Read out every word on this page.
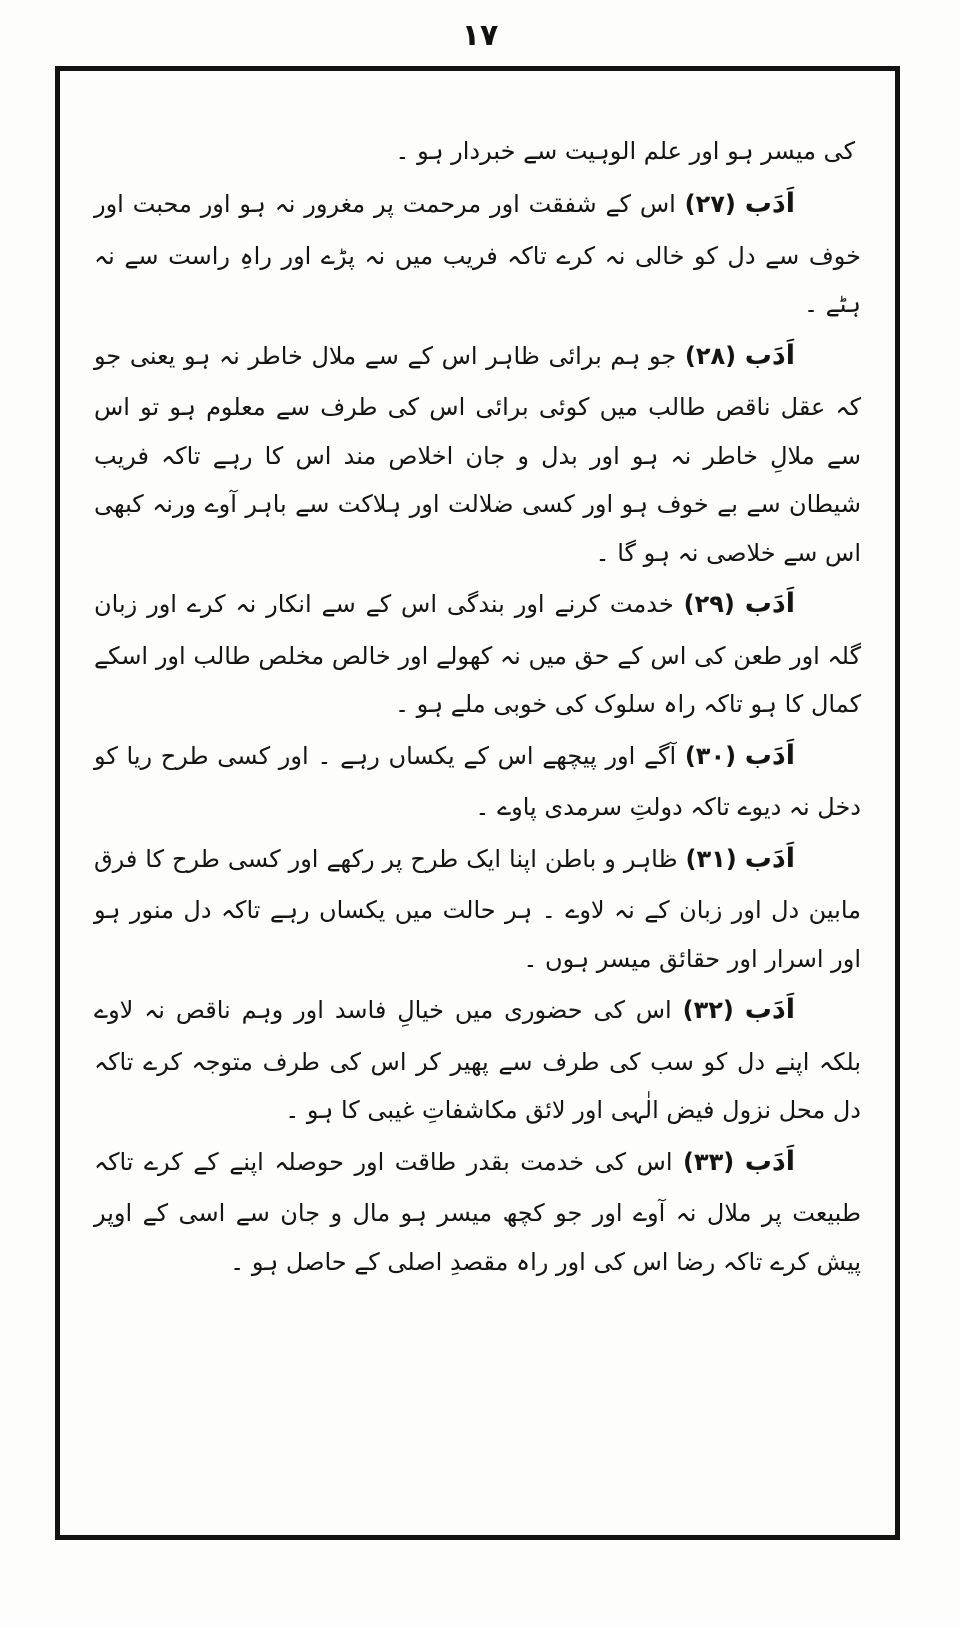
۱۷

کی میسر ہو اور علم الوہیت سے خبردار ہو ۔

اَدَب (۲۷) اس کے شفقت اور مرحمت پر مغرور نہ ہو اور محبت اور خوف سے دل کو خالی نہ کرے تاکہ فریب میں نہ پڑے اور راہِ راست سے نہ ہٹے ۔

اَدَب (۲۸) جو ہم برائی ظاہر اس کے سے ملال خاطر نہ ہو یعنی جو کہ عقل ناقص طالب میں کوئی برائی اس کی طرف سے معلوم ہو تو اس سے ملالِ خاطر نہ ہو اور بدل و جان اخلاص مند اس کا رہے تاکہ فریب شیطان سے بے خوف ہو اور کسی ضلالت اور ہلاکت سے باہر آوے ورنہ کبھی اس سے خلاصی نہ ہو گا ۔

اَدَب (۲۹) خدمت کرنے اور بندگی اس کے سے انکار نہ کرے اور زبان گلہ اور طعن کی اس کے حق میں نہ کھولے اور خالص مخلص طالب اور اسکے کمال کا ہو تاکہ راہ سلوک کی خوبی ملے ہو ۔

اَدَب (۳۰) آگے اور پیچھے اس کے یکساں رہے ۔ اور کسی طرح ریا کو دخل نہ دیوے تاکہ دولتِ سرمدی پاوے ۔

اَدَب (۳۱) ظاہر و باطن اپنا ایک طرح پر رکھے اور کسی طرح کا فرق مابین دل اور زبان کے نہ لاوے ۔ ہر حالت میں یکساں رہے تاکہ دل منور ہو اور اسرار اور حقائق میسر ہوں ۔

اَدَب (۳۲) اس کی حضوری میں خیالِ فاسد اور وہم ناقص نہ لاوے بلکہ اپنے دل کو سب کی طرف سے پھیر کر اس کی طرف متوجہ کرے تاکہ دل محل نزول فیض الٰہی اور لائق مکاشفاتِ غیبی کا ہو ۔

اَدَب (۳۳) اس کی خدمت بقدر طاقت اور حوصلہ اپنے کے کرے تاکہ طبیعت پر ملال نہ آوے اور جو کچھ میسر ہو مال و جان سے اسی کے اوپر پیش کرے تاکہ رضا اس کی اور راہ مقصدِ اصلی کے حاصل ہو ۔
